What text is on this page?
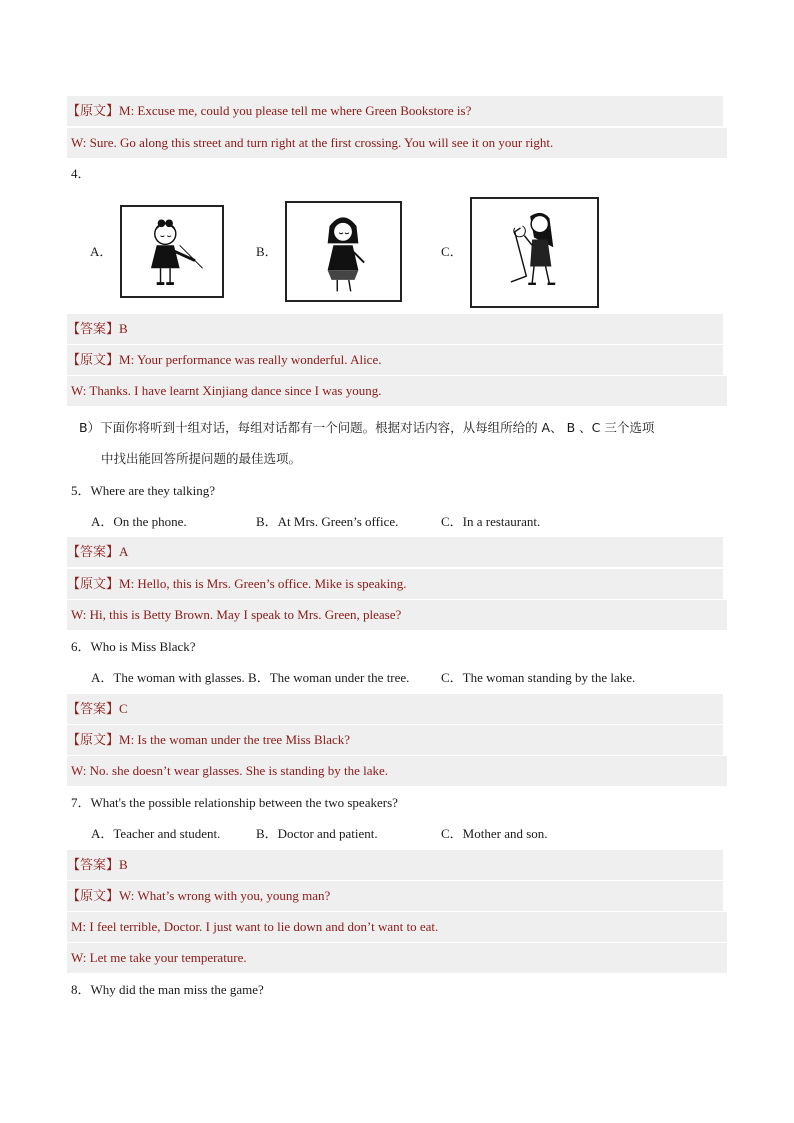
【原文】M: Excuse me, could you please tell me where Green Bookstore is?
W: Sure. Go along this street and turn right at the first crossing. You will see it on your right.
4．
A．	B．	C．
【答案】B
【原文】M: Your performance was really wonderful. Alice.
W: Thanks. I have learnt Xinjiang dance since I was young.
B）下面你将听到十组对话，每组对话都有一个问题。根据对话内容，从每组所给的 A、 B 、C 三个选项
中找出能回答所提问题的最佳选项。
5．Where are they talking?
A．On the phone.	B．At Mrs. Green’s office.	C．In a restaurant.
【答案】A
【原文】M: Hello, this is Mrs. Green’s office. Mike is speaking.
W: Hi, this is Betty Brown. May I speak to Mrs. Green, please?
6．Who is Miss Black?
A．The woman with glasses. B．The woman under the tree. C．The woman standing by the lake.
【答案】C
【原文】M: Is the woman under the tree Miss Black?
W: No. she doesn’t wear glasses. She is standing by the lake.
7．What's the possible relationship between the two speakers?
A．Teacher and student.	B．Doctor and patient.	C．Mother and son.
【答案】B
【原文】W: What’s wrong with you, young man?
M: I feel terrible, Doctor. I just want to lie down and don’t want to eat.
W: Let me take your temperature.
8．Why did the man miss the game?
